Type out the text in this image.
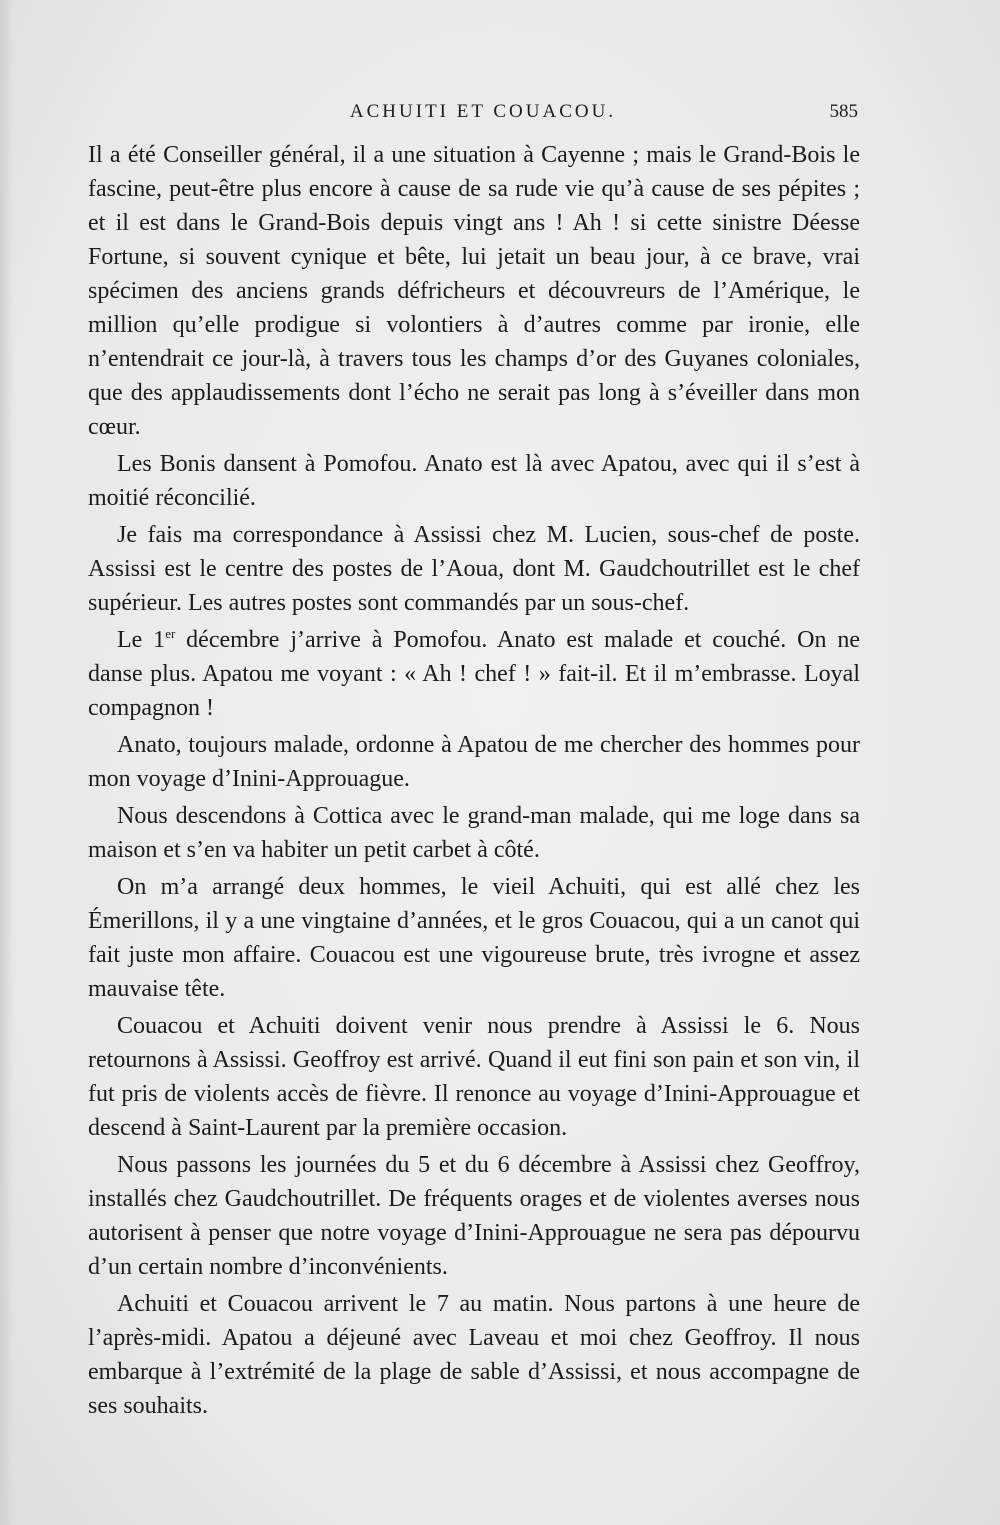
ACHUITI ET COUACOU.	585

Il a été Conseiller général, il a une situation à Cayenne ; mais le Grand-Bois le fascine, peut-être plus encore à cause de sa rude vie qu’à cause de ses pépites ; et il est dans le Grand-Bois depuis vingt ans ! Ah ! si cette sinistre Déesse Fortune, si souvent cynique et bête, lui jetait un beau jour, à ce brave, vrai spécimen des anciens grands défricheurs et découvreurs de l’Amérique, le million qu’elle prodigue si volontiers à d’autres comme par ironie, elle n’entendrait ce jour-là, à travers tous les champs d’or des Guyanes coloniales, que des applaudissements dont l’écho ne serait pas long à s’éveiller dans mon cœur.

Les Bonis dansent à Pomofou. Anato est là avec Apatou, avec qui il s’est à moitié réconcilié.

Je fais ma correspondance à Assissi chez M. Lucien, sous-chef de poste. Assissi est le centre des postes de l’Aoua, dont M. Gaudchoutrillet est le chef supérieur. Les autres postes sont commandés par un sous-chef.

Le 1er décembre j’arrive à Pomofou. Anato est malade et couché. On ne danse plus. Apatou me voyant : « Ah ! chef ! » fait-il. Et il m’embrasse. Loyal compagnon !

Anato, toujours malade, ordonne à Apatou de me chercher des hommes pour mon voyage d’Inini-Approuague.

Nous descendons à Cottica avec le grand-man malade, qui me loge dans sa maison et s’en va habiter un petit carbet à côté.

On m’a arrangé deux hommes, le vieil Achuiti, qui est allé chez les Émerillons, il y a une vingtaine d’années, et le gros Couacou, qui a un canot qui fait juste mon affaire. Couacou est une vigoureuse brute, très ivrogne et assez mauvaise tête.

Couacou et Achuiti doivent venir nous prendre à Assissi le 6. Nous retournons à Assissi. Geoffroy est arrivé. Quand il eut fini son pain et son vin, il fut pris de violents accès de fièvre. Il renonce au voyage d’Inini-Approuague et descend à Saint-Laurent par la première occasion.

Nous passons les journées du 5 et du 6 décembre à Assissi chez Geoffroy, installés chez Gaudchoutrillet. De fréquents orages et de violentes averses nous autorisent à penser que notre voyage d’Inini-Approuague ne sera pas dépourvu d’un certain nombre d’inconvénients.

Achuiti et Couacou arrivent le 7 au matin. Nous partons à une heure de l’après-midi. Apatou a déjeuné avec Laveau et moi chez Geoffroy. Il nous embarque à l’extrémité de la plage de sable d’Assissi, et nous accompagne de ses souhaits.
